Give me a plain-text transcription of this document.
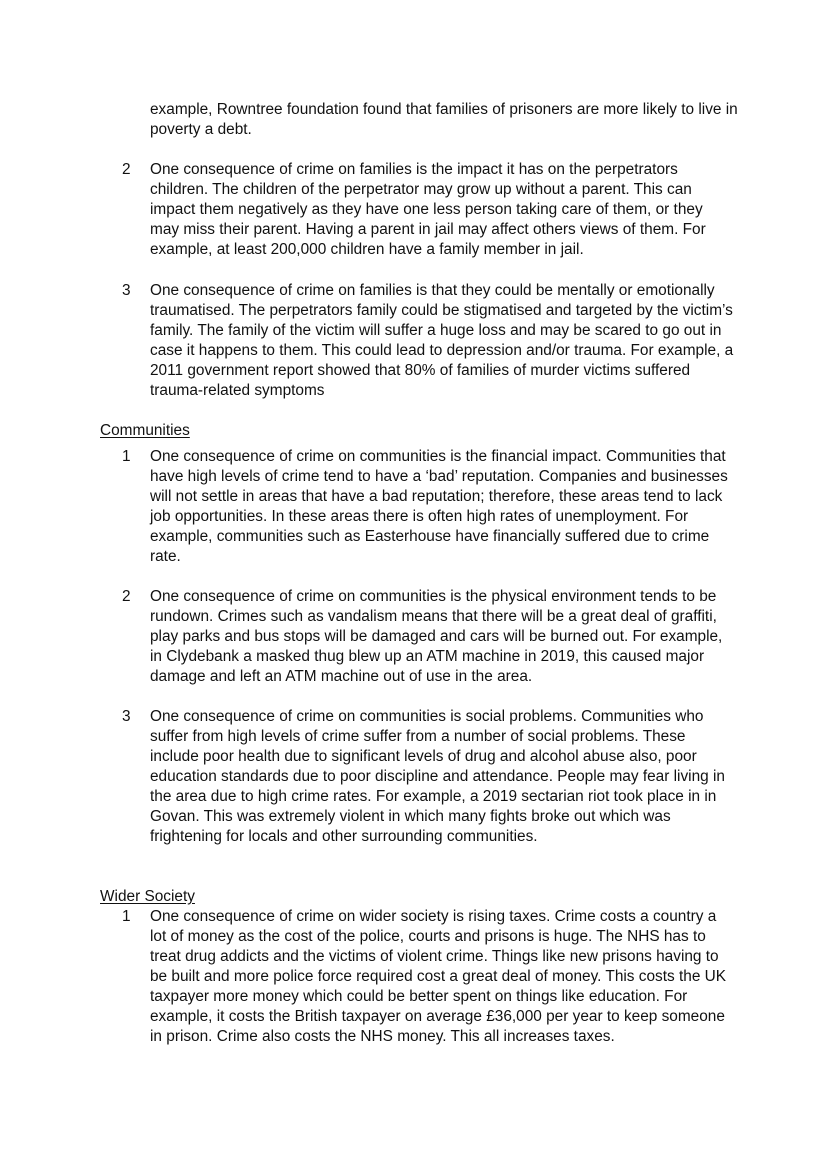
example, Rowntree foundation found that families of prisoners are more likely to live in poverty a debt.

2	One consequence of crime on families is the impact it has on the perpetrators children. The children of the perpetrator may grow up without a parent. This can impact them negatively as they have one less person taking care of them, or they may miss their parent. Having a parent in jail may affect others views of them. For example, at least 200,000 children have a family member in jail.

3	One consequence of crime on families is that they could be mentally or emotionally traumatised. The perpetrators family could be stigmatised and targeted by the victim’s family. The family of the victim will suffer a huge loss and may be scared to go out in case it happens to them. This could lead to depression and/or trauma. For example, a 2011 government report showed that 80% of families of murder victims suffered trauma-related symptoms

Communities

1	One consequence of crime on communities is the financial impact. Communities that have high levels of crime tend to have a ‘bad’ reputation. Companies and businesses will not settle in areas that have a bad reputation; therefore, these areas tend to lack job opportunities. In these areas there is often high rates of unemployment. For example, communities such as Easterhouse have financially suffered due to crime rate.

2	One consequence of crime on communities is the physical environment tends to be rundown. Crimes such as vandalism means that there will be a great deal of graffiti, play parks and bus stops will be damaged and cars will be burned out. For example, in Clydebank a masked thug blew up an ATM machine in 2019, this caused major damage and left an ATM machine out of use in the area.

3	One consequence of crime on communities is social problems. Communities who suffer from high levels of crime suffer from a number of social problems. These include poor health due to significant levels of drug and alcohol abuse also, poor education standards due to poor discipline and attendance. People may fear living in the area due to high crime rates. For example, a 2019 sectarian riot took place in in Govan. This was extremely violent in which many fights broke out which was frightening for locals and other surrounding communities.

Wider Society

1	One consequence of crime on wider society is rising taxes. Crime costs a country a lot of money as the cost of the police, courts and prisons is huge. The NHS has to treat drug addicts and the victims of violent crime. Things like new prisons having to be built and more police force required cost a great deal of money. This costs the UK taxpayer more money which could be better spent on things like education. For example, it costs the British taxpayer on average £36,000 per year to keep someone in prison. Crime also costs the NHS money. This all increases taxes.
